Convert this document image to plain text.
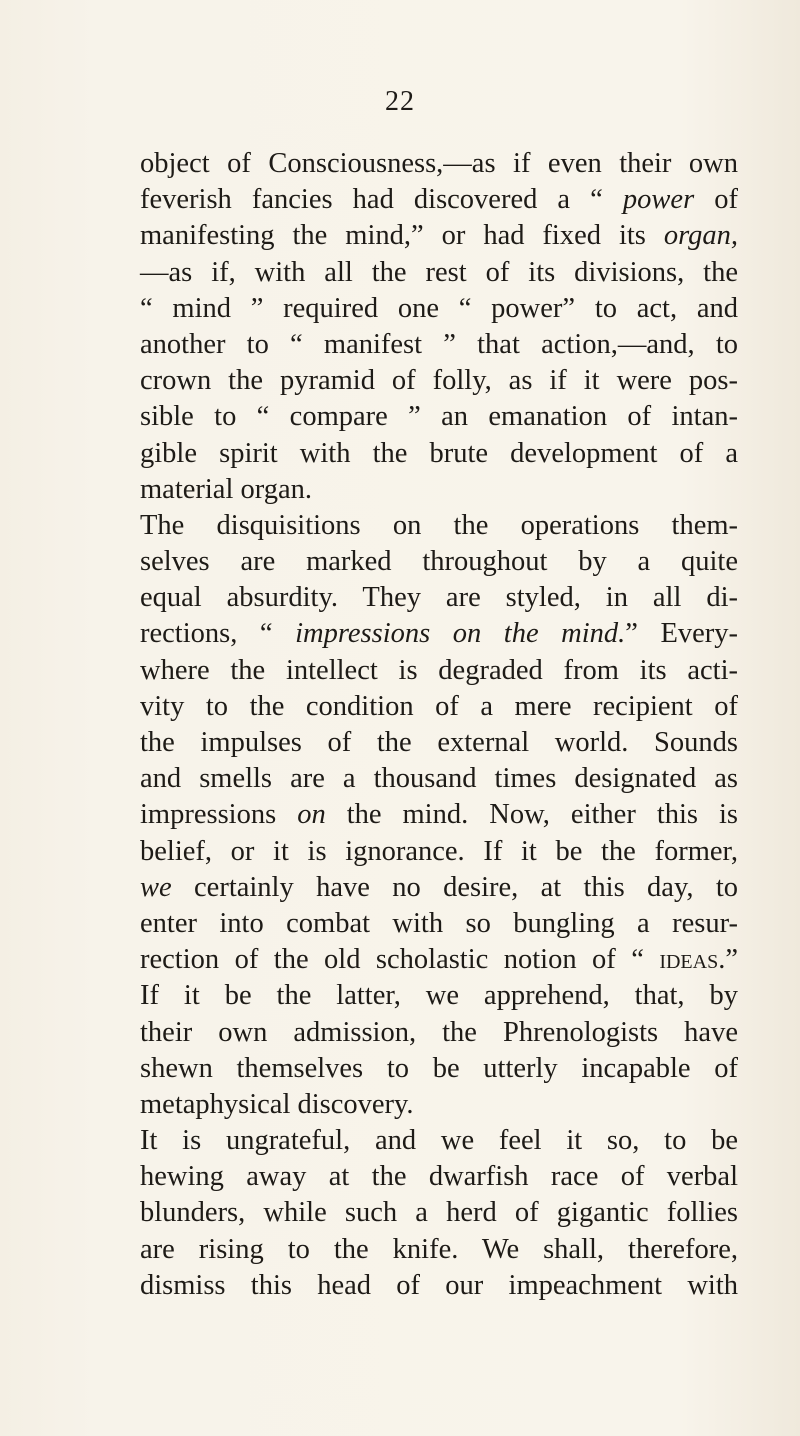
22
object of Consciousness,—as if even their own
feverish fancies had discovered a “ power of
manifesting the mind,” or had fixed its organ,
—as if, with all the rest of its divisions, the
“ mind ” required one “ power” to act, and
another to “ manifest ” that action,—and, to
crown the pyramid of folly, as if it were pos-
sible to “ compare ” an emanation of intan-
gible spirit with the brute development of a
material organ.
The disquisitions on the operations them-
selves are marked throughout by a quite
equal absurdity. They are styled, in all di-
rections, “ impressions on the mind.” Every-
where the intellect is degraded from its acti-
vity to the condition of a mere recipient of
the impulses of the external world. Sounds
and smells are a thousand times designated as
impressions on the mind. Now, either this is
belief, or it is ignorance. If it be the former,
we certainly have no desire, at this day, to
enter into combat with so bungling a resur-
rection of the old scholastic notion of “ ideas.”
If it be the latter, we apprehend, that, by
their own admission, the Phrenologists have
shewn themselves to be utterly incapable of
metaphysical discovery.
It is ungrateful, and we feel it so, to be
hewing away at the dwarfish race of verbal
blunders, while such a herd of gigantic follies
are rising to the knife. We shall, therefore,
dismiss this head of our impeachment with
